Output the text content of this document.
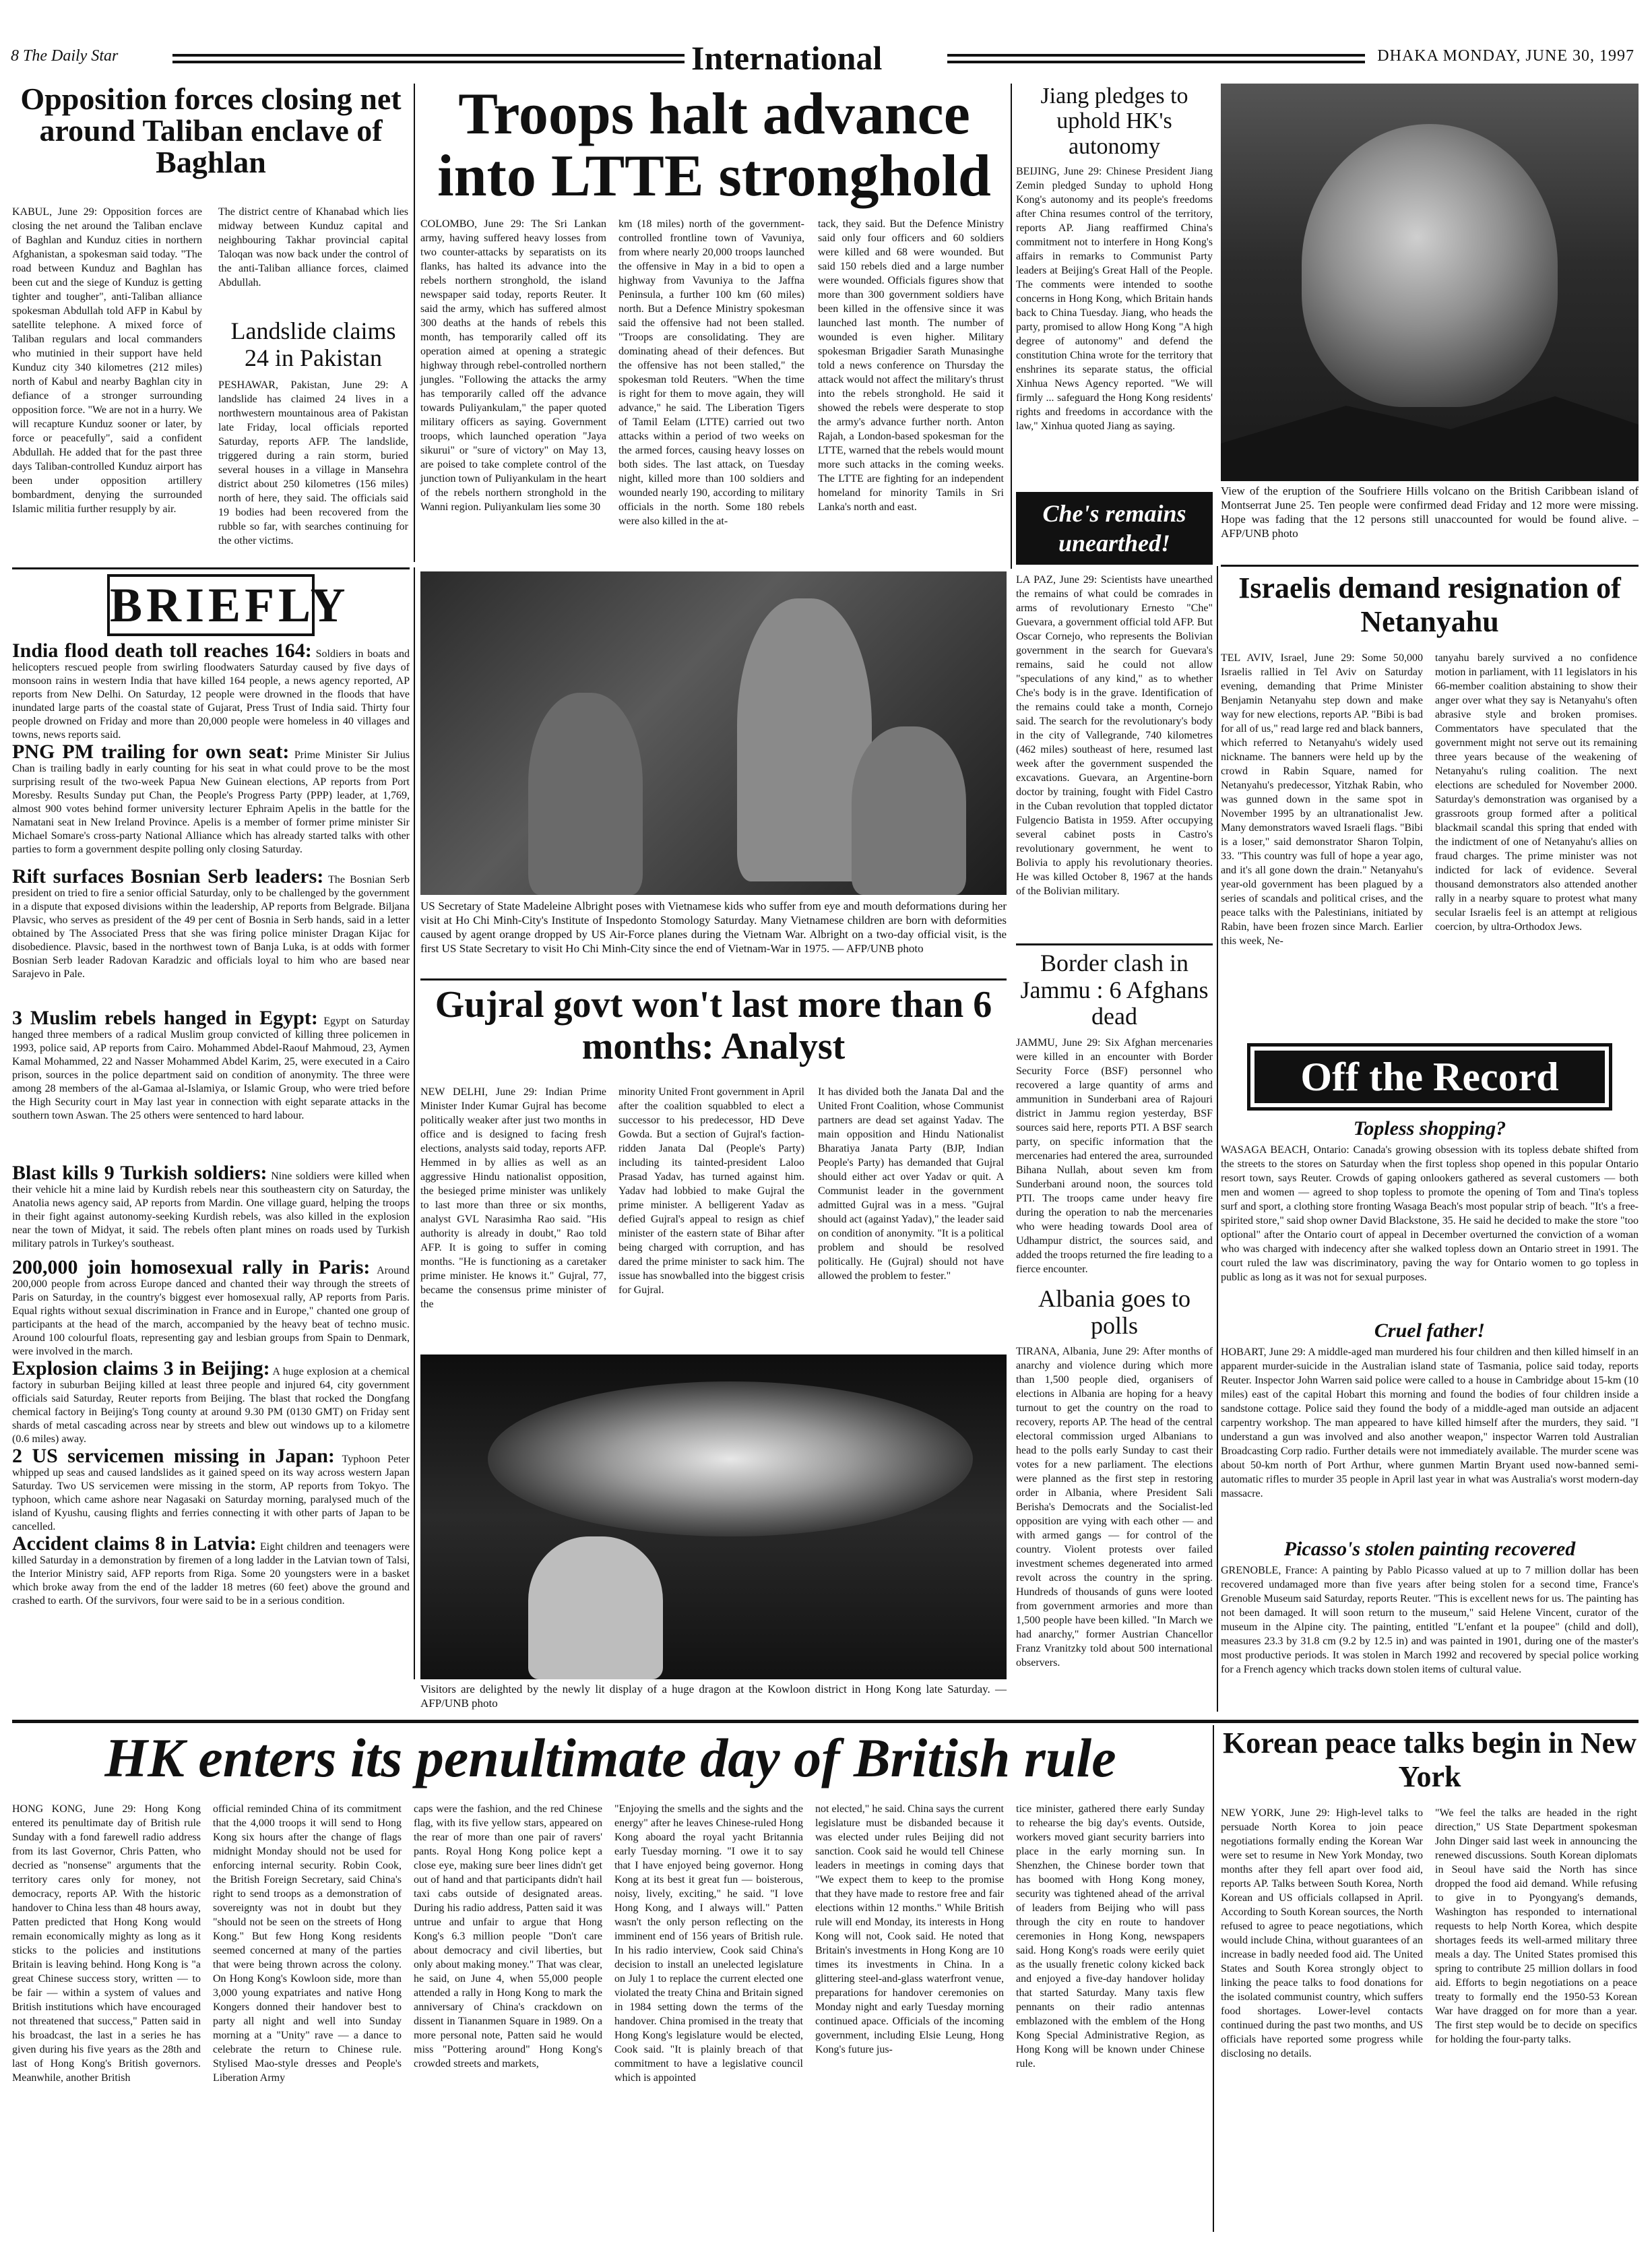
8 The Daily Star	International	DHAKA MONDAY, JUNE 30, 1997
Opposition forces closing net around Taliban enclave of Baghlan
KABUL, June 29: Opposition forces are closing the net around the Taliban enclave of Baghlan and Kunduz cities in northern Afghanistan, a spokesman said today. "The road between Kunduz and Baghlan has been cut and the siege of Kunduz is getting tighter and tougher", anti-Taliban alliance spokesman Abdullah told AFP in Kabul by satellite telephone. A mixed force of Taliban regulars and local commanders who mutinied in their support have held Kunduz city 340 kilometres (212 miles) north of Kabul and nearby Baghlan city in defiance of a stronger surrounding opposition force. "We are not in a hurry. We will recapture Kunduz sooner or later, by force or peacefully", said a confident Abdullah. He added that for the past three days Taliban-controlled Kunduz airport has been under opposition artillery bombardment, denying the surrounded Islamic militia further resupply by air.
The district centre of Khanabad which lies midway between Kunduz capital and neighbouring Takhar provincial capital Taloqan was now back under the control of the anti-Taliban alliance forces, claimed Abdullah.
Landslide claims 24 in Pakistan
PESHAWAR, Pakistan, June 29: A landslide has claimed 24 lives in a northwestern mountainous area of Pakistan late Friday, local officials reported Saturday, reports AFP. The landslide, triggered during a rain storm, buried several houses in a village in Mansehra district about 250 kilometres (156 miles) north of here, they said. The officials said 19 bodies had been recovered from the rubble so far, with searches continuing for the other victims.
Troops halt advance into LTTE stronghold
COLOMBO, June 29: The Sri Lankan army, having suffered heavy losses from two counter-attacks by separatists on its flanks, has halted its advance into the rebels northern stronghold, the island newspaper said today, reports Reuter. It said the army, which has suffered almost 300 deaths at the hands of rebels this month, has temporarily called off its operation aimed at opening a strategic highway through rebel-controlled northern jungles. "Following the attacks the army has temporarily called off the advance towards Puliyankulam," the paper quoted military officers as saying. Government troops, which launched operation "Jaya sikurui" or "sure of victory" on May 13, are poised to take complete control of the junction town of Puliyankulam in the heart of the rebels northern stronghold in the Wanni region. Puliyankulam lies some 30
km (18 miles) north of the government-controlled frontline town of Vavuniya, from where nearly 20,000 troops launched the offensive in May in a bid to open a highway from Vavuniya to the Jaffna Peninsula, a further 100 km (60 miles) north. But a Defence Ministry spokesman said the offensive had not been stalled. "Troops are consolidating. They are dominating ahead of their defences. But the offensive has not been stalled," the spokesman told Reuters. "When the time is right for them to move again, they will advance," he said. The Liberation Tigers of Tamil Eelam (LTTE) carried out two attacks within a period of two weeks on the armed forces, causing heavy losses on both sides. The last attack, on Tuesday night, killed more than 100 soldiers and wounded nearly 190, according to military officials in the north. Some 180 rebels were also killed in the at-
tack, they said. But the Defence Ministry said only four officers and 60 soldiers were killed and 68 were wounded. But said 150 rebels died and a large number were wounded. Officials figures show that more than 300 government soldiers have been killed in the offensive since it was launched last month. The number of wounded is even higher. Military spokesman Brigadier Sarath Munasinghe told a news conference on Thursday the attack would not affect the military's thrust into the rebels stronghold. He said it showed the rebels were desperate to stop the army's advance further north. Anton Rajah, a London-based spokesman for the LTTE, warned that the rebels would mount more such attacks in the coming weeks. The LTTE are fighting for an independent homeland for minority Tamils in Sri Lanka's north and east.
Jiang pledges to uphold HK's autonomy
BEIJING, June 29: Chinese President Jiang Zemin pledged Sunday to uphold Hong Kong's autonomy and its people's freedoms after China resumes control of the territory, reports AP. Jiang reaffirmed China's commitment not to interfere in Hong Kong's affairs in remarks to Communist Party leaders at Beijing's Great Hall of the People. The comments were intended to soothe concerns in Hong Kong, which Britain hands back to China Tuesday. Jiang, who heads the party, promised to allow Hong Kong "A high degree of autonomy" and defend the constitution China wrote for the territory that enshrines its separate status, the official Xinhua News Agency reported. "We will firmly ... safeguard the Hong Kong residents' rights and freedoms in accordance with the law," Xinhua quoted Jiang as saying.
View of the eruption of the Soufriere Hills volcano on the British Caribbean island of Montserrat June 25. Ten people were confirmed dead Friday and 12 more were missing. Hope was fading that the 12 persons still unaccounted for would be found alive. – AFP/UNB photo
Che's remains unearthed!
LA PAZ, June 29: Scientists have unearthed the remains of what could be comrades in arms of revolutionary Ernesto "Che" Guevara, a government official told AFP. But Oscar Cornejo, who represents the Bolivian government in the search for Guevara's remains, said he could not allow "speculations of any kind," as to whether Che's body is in the grave. Identification of the remains could take a month, Cornejo said. The search for the revolutionary's body in the city of Vallegrande, 740 kilometres (462 miles) southeast of here, resumed last week after the government suspended the excavations. Guevara, an Argentine-born doctor by training, fought with Fidel Castro in the Cuban revolution that toppled dictator Fulgencio Batista in 1959. After occupying several cabinet posts in Castro's revolutionary government, he went to Bolivia to apply his revolutionary theories. He was killed October 8, 1967 at the hands of the Bolivian military.
BRIEFLY

India flood death toll reaches 164: Soldiers in boats and helicopters rescued people from swirling floodwaters Saturday caused by five days of monsoon rains in western India that have killed 164 people, a news agency reported, AP reports from New Delhi. On Saturday, 12 people were drowned in the floods that have inundated large parts of the coastal state of Gujarat, Press Trust of India said. Thirty four people drowned on Friday and more than 20,000 people were homeless in 40 villages and towns, news reports said.

PNG PM trailing for own seat: Prime Minister Sir Julius Chan is trailing badly in early counting for his seat in what could prove to be the most surprising result of the two-week Papua New Guinean elections, AP reports from Port Moresby. Results Sunday put Chan, the People's Progress Party (PPP) leader, at 1,769, almost 900 votes behind former university lecturer Ephraim Apelis in the battle for the Namatani seat in New Ireland Province. Apelis is a member of former prime minister Sir Michael Somare's cross-party National Alliance which has already started talks with other parties to form a government despite polling only closing Saturday.

Rift surfaces Bosnian Serb leaders: The Bosnian Serb president on tried to fire a senior official Saturday, only to be challenged by the government in a dispute that exposed divisions within the leadership, AP reports from Belgrade. Biljana Plavsic, who serves as president of the 49 per cent of Bosnia in Serb hands, said in a letter obtained by The Associated Press that she was firing police minister Dragan Kijac for disobedience. Plavsic, based in the northwest town of Banja Luka, is at odds with former Bosnian Serb leader Radovan Karadzic and officials loyal to him who are based near Sarajevo in Pale.

3 Muslim rebels hanged in Egypt: Egypt on Saturday hanged three members of a radical Muslim group convicted of killing three policemen in 1993, police said, AP reports from Cairo. Mohammed Abdel-Raouf Mahmoud, 23, Aymen Kamal Mohammed, 22 and Nasser Mohammed Abdel Karim, 25, were executed in a Cairo prison, sources in the police department said on condition of anonymity. The three were among 28 members of the al-Gamaa al-Islamiya, or Islamic Group, who were tried before the High Security court in May last year in connection with eight separate attacks in the southern town Aswan. The 25 others were sentenced to hard labour.

Blast kills 9 Turkish soldiers: Nine soldiers were killed when their vehicle hit a mine laid by Kurdish rebels near this southeastern city on Saturday, the Anatolia news agency said, AP reports from Mardin. One village guard, helping the troops in their fight against autonomy-seeking Kurdish rebels, was also killed in the explosion near the town of Midyat, it said. The rebels often plant mines on roads used by Turkish military patrols in Turkey's southeast.

200,000 join homosexual rally in Paris: Around 200,000 people from across Europe danced and chanted their way through the streets of Paris on Saturday, in the country's biggest ever homosexual rally, AP reports from Paris. Equal rights without sexual discrimination in France and in Europe," chanted one group of participants at the head of the march, accompanied by the heavy beat of techno music. Around 100 colourful floats, representing gay and lesbian groups from Spain to Denmark, were involved in the march.

Explosion claims 3 in Beijing: A huge explosion at a chemical factory in suburban Beijing killed at least three people and injured 64, city government officials said Saturday, Reuter reports from Beijing. The blast that rocked the Dongfang chemical factory in Beijing's Tong county at around 9.30 PM (0130 GMT) on Friday sent shards of metal cascading across near by streets and blew out windows up to a kilometre (0.6 miles) away.

2 US servicemen missing in Japan: Typhoon Peter whipped up seas and caused landslides as it gained speed on its way across western Japan Saturday. Two US servicemen were missing in the storm, AP reports from Tokyo. The typhoon, which came ashore near Nagasaki on Saturday morning, paralysed much of the island of Kyushu, causing flights and ferries connecting it with other parts of Japan to be cancelled.

Accident claims 8 in Latvia: Eight children and teenagers were killed Saturday in a demonstration by firemen of a long ladder in the Latvian town of Talsi, the Interior Ministry said, AFP reports from Riga. Some 20 youngsters were in a basket which broke away from the end of the ladder 18 metres (60 feet) above the ground and crashed to earth. Of the survivors, four were said to be in a serious condition.

US Secretary of State Madeleine Albright poses with Vietnamese kids who suffer from eye and mouth deformations during her visit at Ho Chi Minh-City's Institute of Inspedonto Stomology Saturday. Many Vietnamese children are born with deformities caused by agent orange dropped by US Air-Force planes during the Vietnam War. Albright on a two-day official visit, is the first US State Secretary to visit Ho Chi Minh-City since the end of Vietnam-War in 1975. — AFP/UNB photo
Gujral govt won't last more than 6 months: Analyst
NEW DELHI, June 29: Indian Prime Minister Inder Kumar Gujral has become politically weaker after just two months in office and is designed to facing fresh elections, analysts said today, reports AFP. Hemmed in by allies as well as an aggressive Hindu nationalist opposition, the besieged prime minister was unlikely to last more than three or six months, analyst GVL Narasimha Rao said. "His authority is already in doubt," Rao told AFP. It is going to suffer in coming months. "He is functioning as a caretaker prime minister. He knows it." Gujral, 77, became the consensus prime minister of the
minority United Front government in April after the coalition squabbled to elect a successor to his predecessor, HD Deve Gowda. But a section of Gujral's faction-ridden Janata Dal (People's Party) including its tainted-president Laloo Prasad Yadav, has turned against him. Yadav had lobbied to make Gujral the prime minister. A belligerent Yadav as defied Gujral's appeal to resign as chief minister of the eastern state of Bihar after being charged with corruption, and has dared the prime minister to sack him. The issue has snowballed into the biggest crisis for Gujral.
It has divided both the Janata Dal and the United Front Coalition, whose Communist partners are dead set against Yadav. The main opposition and Hindu Nationalist Bharatiya Janata Party (BJP, Indian People's Party) has demanded that Gujral should either act over Yadav or quit. A Communist leader in the government admitted Gujral was in a mess. "Gujral should act (against Yadav)," the leader said on condition of anonymity. "It is a political problem and should be resolved politically. He (Gujral) should not have allowed the problem to fester."
Visitors are delighted by the newly lit display of a huge dragon at the Kowloon district in Hong Kong late Saturday. — AFP/UNB photo
Border clash in Jammu : 6 Afghans dead
JAMMU, June 29: Six Afghan mercenaries were killed in an encounter with Border Security Force (BSF) personnel who recovered a large quantity of arms and ammunition in Sunderbani area of Rajouri district in Jammu region yesterday, BSF sources said here, reports PTI. A BSF search party, on specific information that the mercenaries had entered the area, surrounded Bihana Nullah, about seven km from Sunderbani around noon, the sources told PTI. The troops came under heavy fire during the operation to nab the mercenaries who were heading towards Dool area of Udhampur district, the sources said, and added the troops returned the fire leading to a fierce encounter.
Albania goes to polls
TIRANA, Albania, June 29: After months of anarchy and violence during which more than 1,500 people died, organisers of elections in Albania are hoping for a heavy turnout to get the country on the road to recovery, reports AP. The head of the central electoral commission urged Albanians to head to the polls early Sunday to cast their votes for a new parliament. The elections were planned as the first step in restoring order in Albania, where President Sali Berisha's Democrats and the Socialist-led opposition are vying with each other — and with armed gangs — for control of the country. Violent protests over failed investment schemes degenerated into armed revolt across the country in the spring. Hundreds of thousands of guns were looted from government armories and more than 1,500 people have been killed. "In March we had anarchy," former Austrian Chancellor Franz Vranitzky told about 500 international observers.
Israelis demand resignation of Netanyahu
TEL AVIV, Israel, June 29: Some 50,000 Israelis rallied in Tel Aviv on Saturday evening, demanding that Prime Minister Benjamin Netanyahu step down and make way for new elections, reports AP. "Bibi is bad for all of us," read large red and black banners, which referred to Netanyahu's widely used nickname. The banners were held up by the crowd in Rabin Square, named for Netanyahu's predecessor, Yitzhak Rabin, who was gunned down in the same spot in November 1995 by an ultranationalist Jew. Many demonstrators waved Israeli flags. "Bibi is a loser," said demonstrator Sharon Tolpin, 33. "This country was full of hope a year ago, and it's all gone down the drain." Netanyahu's year-old government has been plagued by a series of scandals and political crises, and the peace talks with the Palestinians, initiated by Rabin, have been frozen since March. Earlier this week, Ne-
tanyahu barely survived a no confidence motion in parliament, with 11 legislators in his 66-member coalition abstaining to show their anger over what they say is Netanyahu's often abrasive style and broken promises. Commentators have speculated that the government might not serve out its remaining three years because of the weakening of Netanyahu's ruling coalition. The next elections are scheduled for November 2000. Saturday's demonstration was organised by a grassroots group formed after a political blackmail scandal this spring that ended with the indictment of one of Netanyahu's allies on fraud charges. The prime minister was not indicted for lack of evidence. Several thousand demonstrators also attended another rally in a nearby square to protest what many secular Israelis feel is an attempt at religious coercion, by ultra-Orthodox Jews.
Off the Record
Topless shopping?
WASAGA BEACH, Ontario: Canada's growing obsession with its topless debate shifted from the streets to the stores on Saturday when the first topless shop opened in this popular Ontario resort town, says Reuter. Crowds of gaping onlookers gathered as several customers — both men and women — agreed to shop topless to promote the opening of Tom and Tina's topless surf and sport, a clothing store fronting Wasaga Beach's most popular strip of beach. "It's a free-spirited store," said shop owner David Blackstone, 35. He said he decided to make the store "too optional" after the Ontario court of appeal in December overturned the conviction of a woman who was charged with indecency after she walked topless down an Ontario street in 1991. The court ruled the law was discriminatory, paving the way for Ontario women to go topless in public as long as it was not for sexual purposes.
Cruel father!
HOBART, June 29: A middle-aged man murdered his four children and then killed himself in an apparent murder-suicide in the Australian island state of Tasmania, police said today, reports Reuter. Inspector John Warren said police were called to a house in Cambridge about 15-km (10 miles) east of the capital Hobart this morning and found the bodies of four children inside a sandstone cottage. Police said they found the body of a middle-aged man outside an adjacent carpentry workshop. The man appeared to have killed himself after the murders, they said. "I understand a gun was involved and also another weapon," inspector Warren told Australian Broadcasting Corp radio. Further details were not immediately available. The murder scene was about 50-km north of Port Arthur, where gunmen Martin Bryant used now-banned semi-automatic rifles to murder 35 people in April last year in what was Australia's worst modern-day massacre.
Picasso's stolen painting recovered
GRENOBLE, France: A painting by Pablo Picasso valued at up to 7 million dollar has been recovered undamaged more than five years after being stolen for a second time, France's Grenoble Museum said Saturday, reports Reuter. "This is excellent news for us. The painting has not been damaged. It will soon return to the museum," said Helene Vincent, curator of the museum in the Alpine city. The painting, entitled "L'enfant et la poupee" (child and doll), measures 23.3 by 31.8 cm (9.2 by 12.5 in) and was painted in 1901, during one of the master's most productive periods. It was stolen in March 1992 and recovered by special police working for a French agency which tracks down stolen items of cultural value.
HK enters its penultimate day of British rule
HONG KONG, June 29: Hong Kong entered its penultimate day of British rule Sunday with a fond farewell radio address from its last Governor, Chris Patten, who decried as "nonsense" arguments that the territory cares only for money, not democracy, reports AP. With the historic handover to China less than 48 hours away, Patten predicted that Hong Kong would remain economically mighty as long as it sticks to the policies and institutions Britain is leaving behind. Hong Kong is "a great Chinese success story, written — to be fair — within a system of values and British institutions which have encouraged not threatened that success," Patten said in his broadcast, the last in a series he has given during his five years as the 28th and last of Hong Kong's British governors. Meanwhile, another British
official reminded China of its commitment that the 4,000 troops it will send to Hong Kong six hours after the change of flags midnight Monday should not be used for enforcing internal security. Robin Cook, the British Foreign Secretary, said China's right to send troops as a demonstration of sovereignty was not in doubt but they "should not be seen on the streets of Hong Kong." But few Hong Kong residents seemed concerned at many of the parties that were being thrown across the colony. On Hong Kong's Kowloon side, more than 3,000 young expatriates and native Hong Kongers donned their handover best to party all night and well into Sunday morning at a "Unity" rave — a dance to celebrate the return to Chinese rule. Stylised Mao-style dresses and People's Liberation Army
caps were the fashion, and the red Chinese flag, with its five yellow stars, appeared on the rear of more than one pair of ravers' pants. Royal Hong Kong police kept a close eye, making sure beer lines didn't get out of hand and that participants didn't hail taxi cabs outside of designated areas. During his radio address, Patten said it was untrue and unfair to argue that Hong Kong's 6.3 million people "Don't care about democracy and civil liberties, but only about making money." That was clear, he said, on June 4, when 55,000 people attended a rally in Hong Kong to mark the anniversary of China's crackdown on dissent in Tiananmen Square in 1989. On a more personal note, Patten said he would miss "Pottering around" Hong Kong's crowded streets and markets,
"Enjoying the smells and the sights and the energy" after he leaves Chinese-ruled Hong Kong aboard the royal yacht Britannia early Tuesday morning. "I owe it to say that I have enjoyed being governor. Hong Kong at its best it great fun — boisterous, noisy, lively, exciting," he said. "I love Hong Kong, and I always will." Patten wasn't the only person reflecting on the imminent end of 156 years of British rule. In his radio interview, Cook said China's decision to install an unelected legislature on July 1 to replace the current elected one violated the treaty China and Britain signed in 1984 setting down the terms of the handover. China promised in the treaty that Hong Kong's legislature would be elected, Cook said. "It is plainly breach of that commitment to have a legislative council which is appointed
not elected," he said. China says the current legislature must be disbanded because it was elected under rules Beijing did not sanction. Cook said he would tell Chinese leaders in meetings in coming days that "We expect them to keep to the promise that they have made to restore free and fair elections within 12 months." While British rule will end Monday, its interests in Hong Kong will not, Cook said. He noted that Britain's investments in Hong Kong are 10 times its investments in China. In a glittering steel-and-glass waterfront venue, preparations for handover ceremonies on Monday night and early Tuesday morning continued apace. Officials of the incoming government, including Elsie Leung, Hong Kong's future jus-
tice minister, gathered there early Sunday to rehearse the big day's events. Outside, workers moved giant security barriers into place in the early morning sun. In Shenzhen, the Chinese border town that has boomed with Hong Kong money, security was tightened ahead of the arrival of leaders from Beijing who will pass through the city en route to handover ceremonies in Hong Kong, newspapers said. Hong Kong's roads were eerily quiet as the usually frenetic colony kicked back and enjoyed a five-day handover holiday that started Saturday. Many taxis flew pennants on their radio antennas emblazoned with the emblem of the Hong Kong Special Administrative Region, as Hong Kong will be known under Chinese rule.
Korean peace talks begin in New York
NEW YORK, June 29: High-level talks to persuade North Korea to join peace negotiations formally ending the Korean War were set to resume in New York Monday, two months after they fell apart over food aid, reports AP. Talks between South Korea, North Korean and US officials collapsed in April. According to South Korean sources, the North refused to agree to peace negotiations, which would include China, without guarantees of an increase in badly needed food aid. The United States and South Korea strongly object to linking the peace talks to food donations for the isolated communist country, which suffers food shortages. Lower-level contacts continued during the past two months, and US officials have reported some progress while disclosing no details.
"We feel the talks are headed in the right direction," US State Department spokesman John Dinger said last week in announcing the renewed discussions. South Korean diplomats in Seoul have said the North has since dropped the food aid demand. While refusing to give in to Pyongyang's demands, Washington has responded to international requests to help North Korea, which despite shortages feeds its well-armed military three meals a day. The United States promised this spring to contribute 25 million dollars in food aid. Efforts to begin negotiations on a peace treaty to formally end the 1950-53 Korean War have dragged on for more than a year. The first step would be to decide on specifics for holding the four-party talks.
